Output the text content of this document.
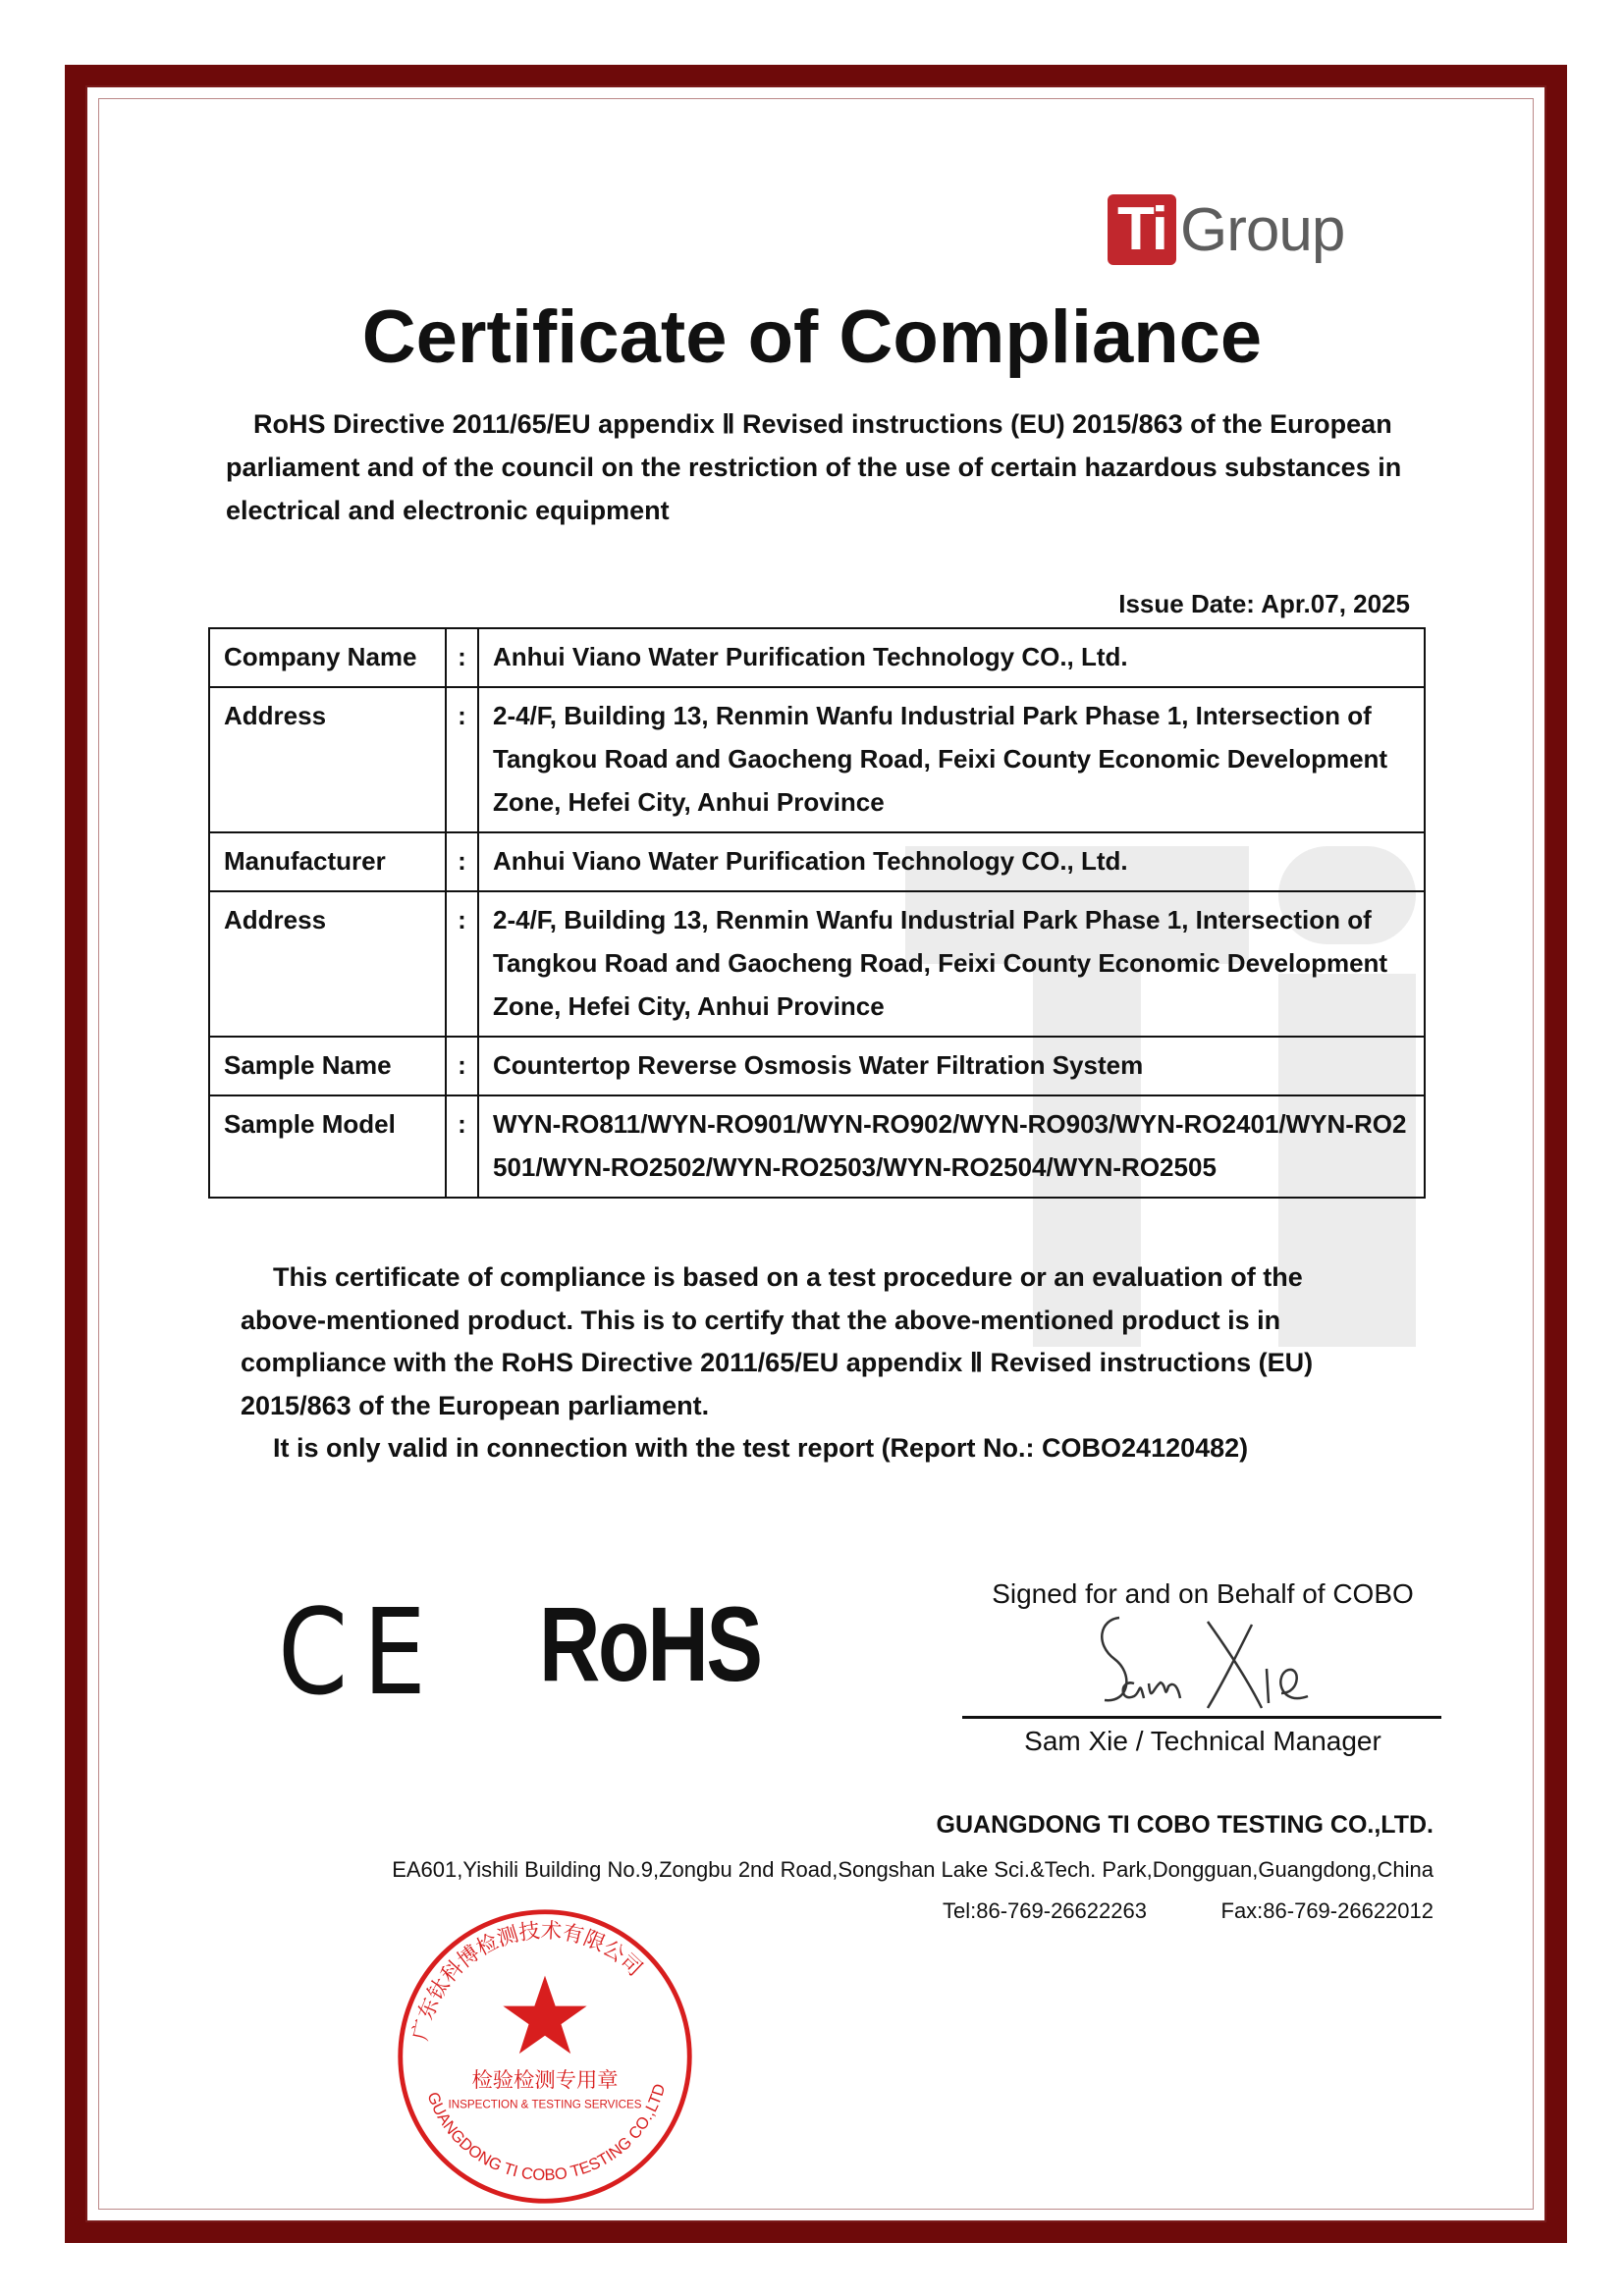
Ti Group
Certificate of Compliance
RoHS Directive 2011/65/EU appendix Ⅱ Revised instructions (EU) 2015/863 of the European parliament and of the council on the restriction of the use of certain hazardous substances in electrical and electronic equipment
Issue Date: Apr.07, 2025
Company Name	:	Anhui Viano Water Purification Technology CO., Ltd.
Address	:	2-4/F, Building 13, Renmin Wanfu Industrial Park Phase 1, Intersection of Tangkou Road and Gaocheng Road, Feixi County Economic Development Zone, Hefei City, Anhui Province
Manufacturer	:	Anhui Viano Water Purification Technology CO., Ltd.
Address	:	2-4/F, Building 13, Renmin Wanfu Industrial Park Phase 1, Intersection of Tangkou Road and Gaocheng Road, Feixi County Economic Development Zone, Hefei City, Anhui Province
Sample Name	:	Countertop Reverse Osmosis Water Filtration System
Sample Model	:	WYN-RO811/WYN-RO901/WYN-RO902/WYN-RO903/WYN-RO2401/WYN-RO2501/WYN-RO2502/WYN-RO2503/WYN-RO2504/WYN-RO2505

This certificate of compliance is based on a test procedure or an evaluation of the above-mentioned product. This is to certify that the above-mentioned product is in compliance with the RoHS Directive 2011/65/EU appendix Ⅱ Revised instructions (EU) 2015/863 of the European parliament.

It is only valid in connection with the test report (Report No.: COBO24120482)

CE RoHS	Signed for and on Behalf of COBO
Sam Xie / Technical Manager
GUANGDONG TI COBO TESTING CO.,LTD.
EA601,Yishili Building No.9,Zongbu 2nd Road,Songshan Lake Sci.&Tech. Park,Dongguan,Guangdong,China
Tel:86-769-26622263	Fax:86-769-26622012
广东钛科博检测技术有限公司
检验检测专用章
INSPECTION & TESTING SERVICES
GUANGDONG TI COBO TESTING CO.,LTD
